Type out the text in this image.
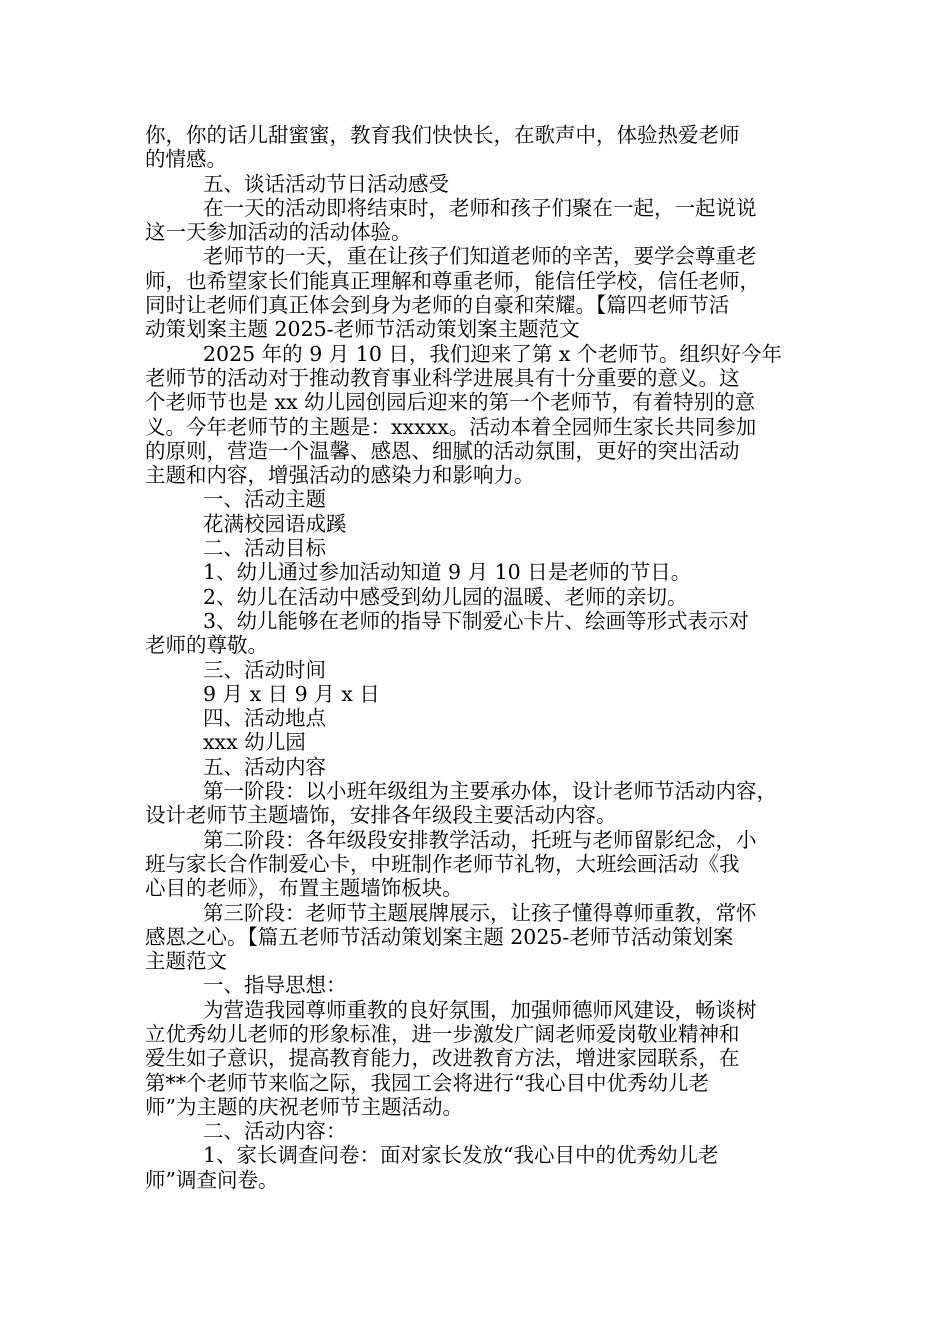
你，你的话儿甜蜜蜜，教育我们快快长，在歌声中，体验热爱老师
的情感。
五、谈话活动节日活动感受
在一天的活动即将结束时，老师和孩子们聚在一起，一起说说
这一天参加活动的活动体验。
老师节的一天，重在让孩子们知道老师的辛苦，要学会尊重老
师，也希望家长们能真正理解和尊重老师，能信任学校，信任老师，
同时让老师们真正体会到身为老师的自豪和荣耀。【篇四老师节活
动策划案主题 2025-老师节活动策划案主题范文
2025 年的 9 月 10 日，我们迎来了第 x 个老师节。组织好今年
老师节的活动对于推动教育事业科学进展具有十分重要的意义。这
个老师节也是 xx 幼儿园创园后迎来的第一个老师节，有着特别的意
义。今年老师节的主题是：xxxxx。活动本着全园师生家长共同参加
的原则，营造一个温馨、感恩、细腻的活动氛围，更好的突出活动
主题和内容，增强活动的感染力和影响力。
一、活动主题
花满校园语成蹊
二、活动目标
1、幼儿通过参加活动知道 9 月 10 日是老师的节日。
2、幼儿在活动中感受到幼儿园的温暖、老师的亲切。
3、幼儿能够在老师的指导下制爱心卡片、绘画等形式表示对
老师的尊敬。
三、活动时间
9 月 x 日 9 月 x 日
四、活动地点
xxx 幼儿园
五、活动内容
第一阶段：以小班年级组为主要承办体，设计老师节活动内容，
设计老师节主题墙饰，安排各年级段主要活动内容。
第二阶段：各年级段安排教学活动，托班与老师留影纪念，小
班与家长合作制爱心卡，中班制作老师节礼物，大班绘画活动《我
心目的老师》，布置主题墙饰板块。
第三阶段：老师节主题展牌展示，让孩子懂得尊师重教，常怀
感恩之心。【篇五老师节活动策划案主题 2025-老师节活动策划案
主题范文
一、指导思想：
为营造我园尊师重教的良好氛围，加强师德师风建设，畅谈树
立优秀幼儿老师的形象标准，进一步激发广阔老师爱岗敬业精神和
爱生如子意识，提高教育能力，改进教育方法，增进家园联系，在
第**个老师节来临之际，我园工会将进行“我心目中优秀幼儿老
师”为主题的庆祝老师节主题活动。
二、活动内容：
1、家长调查问卷：面对家长发放“我心目中的优秀幼儿老
师”调查问卷。
